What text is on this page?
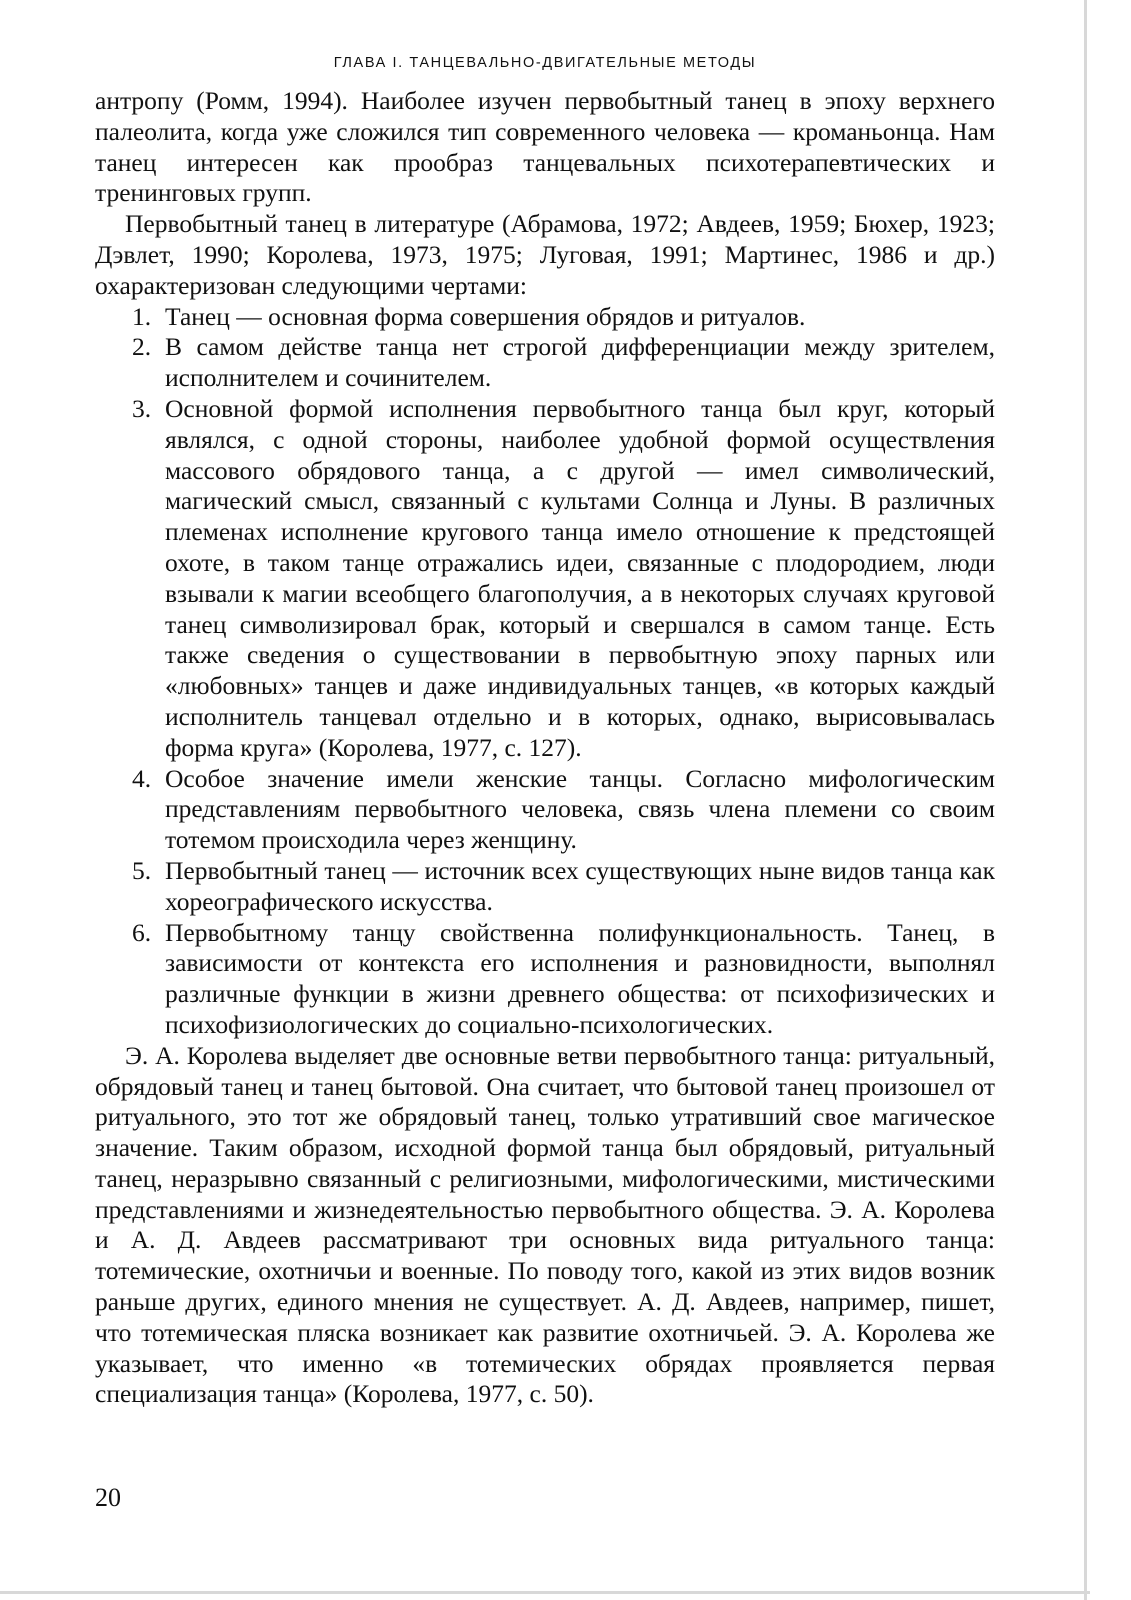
ГЛАВА I. ТАНЦЕВАЛЬНО-ДВИГАТЕЛЬНЫЕ МЕТОДЫ

антропу (Ромм, 1994). Наиболее изучен первобытный танец в эпоху верхнего палеолита, когда уже сложился тип современного человека — кроманьонца. Нам танец интересен как прообраз танцевальных психотерапевтических и тренинговых групп.

Первобытный танец в литературе (Абрамова, 1972; Авдеев, 1959; Бюхер, 1923; Дэвлет, 1990; Королева, 1973, 1975; Луговая, 1991; Мартинес, 1986 и др.) охарактеризован следующими чертами:

1. Танец — основная форма совершения обрядов и ритуалов.
2. В самом действе танца нет строгой дифференциации между зрителем, исполнителем и сочинителем.
3. Основной формой исполнения первобытного танца был круг, который являлся, с одной стороны, наиболее удобной формой осуществления массового обрядового танца, а с другой — имел символический, магический смысл, связанный с культами Солнца и Луны. В различных племенах исполнение кругового танца имело отношение к предстоящей охоте, в таком танце отражались идеи, связанные с плодородием, люди взывали к магии всеобщего благополучия, а в некоторых случаях круговой танец символизировал брак, который и свершался в самом танце. Есть также сведения о существовании в первобытную эпоху парных или «любовных» танцев и даже индивидуальных танцев, «в которых каждый исполнитель танцевал отдельно и в которых, однако, вырисовывалась форма круга» (Королева, 1977, с. 127).
4. Особое значение имели женские танцы. Согласно мифологическим представлениям первобытного человека, связь члена племени со своим тотемом происходила через женщину.
5. Первобытный танец — источник всех существующих ныне видов танца как хореографического искусства.
6. Первобытному танцу свойственна полифункциональность. Танец, в зависимости от контекста его исполнения и разновидности, выполнял различные функции в жизни древнего общества: от психофизических и психофизиологических до социально-психологических.

Э. А. Королева выделяет две основные ветви первобытного танца: ритуальный, обрядовый танец и танец бытовой. Она считает, что бытовой танец произошел от ритуального, это тот же обрядовый танец, только утративший свое магическое значение. Таким образом, исходной формой танца был обрядовый, ритуальный танец, неразрывно связанный с религиозными, мифологическими, мистическими представлениями и жизнедеятельностью первобытного общества. Э. А. Королева и А. Д. Авдеев рассматривают три основных вида ритуального танца: тотемические, охотничьи и военные. По поводу того, какой из этих видов возник раньше других, единого мнения не существует. А. Д. Авдеев, например, пишет, что тотемическая пляска возникает как развитие охотничьей. Э. А. Королева же указывает, что именно «в тотемических обрядах проявляется первая специализация танца» (Королева, 1977, с. 50).

20
